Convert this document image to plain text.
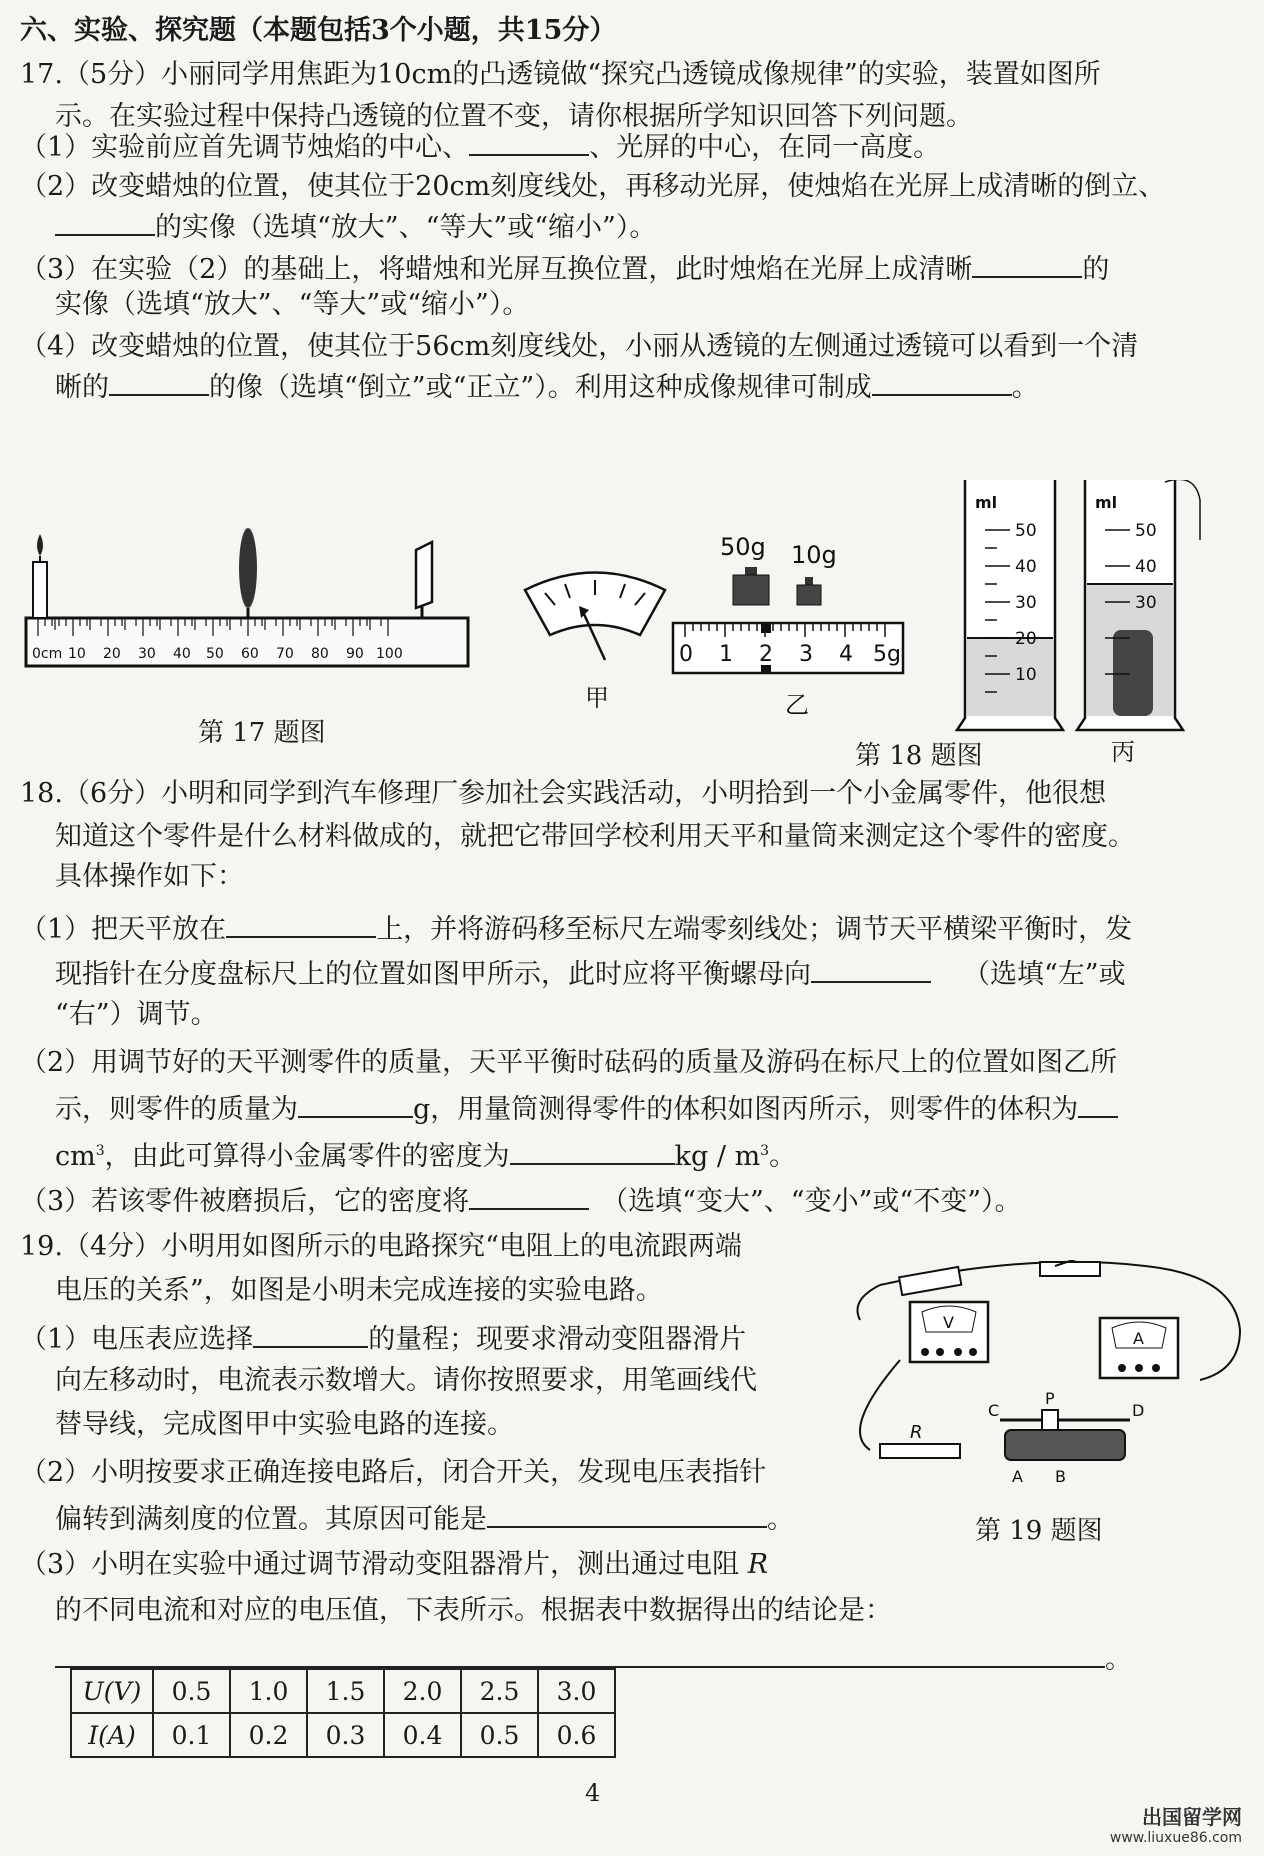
六、实验、探究题（本题包括3个小题，共15分）
17.（5分）小丽同学用焦距为10cm的凸透镜做“探究凸透镜成像规律”的实验，装置如图所
示。在实验过程中保持凸透镜的位置不变，请你根据所学知识回答下列问题。
（1）实验前应首先调节烛焰的中心、	、光屏的中心，在同一高度。
（2）改变蜡烛的位置，使其位于20cm刻度线处，再移动光屏，使烛焰在光屏上成清晰的倒立、
的实像（选填“放大”、“等大”或“缩小”）。
（3）在实验（2）的基础上，将蜡烛和光屏互换位置，此时烛焰在光屏上成清晰	的
实像（选填“放大”、“等大”或“缩小”）。
（4）改变蜡烛的位置，使其位于56cm刻度线处，小丽从透镜的左侧通过透镜可以看到一个清
晰的	的像（选填“倒立”或“正立”）。利用这种成像规律可制成	。
0cm 10 20 30 40 50 60 70 80 90 100
第 17 题图
甲
50g 10g
0 1 2 3 4 5g
乙
ml
50
40
30
20
10
ml
50
40
30
丙
第 18 题图
18.（6分）小明和同学到汽车修理厂参加社会实践活动，小明拾到一个小金属零件，他很想
知道这个零件是什么材料做成的，就把它带回学校利用天平和量筒来测定这个零件的密度。
具体操作如下：
（1）把天平放在	上，并将游码移至标尺左端零刻线处；调节天平横梁平衡时，发
现指针在分度盘标尺上的位置如图甲所示，此时应将平衡螺母向	（选填“左”或
“右”）调节。
（2）用调节好的天平测零件的质量，天平平衡时砝码的质量及游码在标尺上的位置如图乙所
示，则零件的质量为	g，用量筒测得零件的体积如图丙所示，则零件的体积为
$cm^3$，由此可算得小金属零件的密度为	kg / $m^3$。
（3）若该零件被磨损后，它的密度将	（选填“变大”、“变小”或“不变”）。
19.（4分）小明用如图所示的电路探究“电阻上的电流跟两端
电压的关系”，如图是小明未完成连接的实验电路。
（1）电压表应选择	的量程；现要求滑动变阻器滑片
向左移动时，电流表示数增大。请你按照要求，用笔画线代
替导线，完成图甲中实验电路的连接。
（2）小明按要求正确连接电路后，闭合开关，发现电压表指针
偏转到满刻度的位置。其原因可能是	。
（3）小明在实验中通过调节滑动变阻器滑片，测出通过电阻 R
的不同电流和对应的电压值，下表所示。根据表中数据得出的结论是：
。
V
A
R
C
P
D
A B
第 19 题图
U(V)	0.5	1.0	1.5	2.0	2.5	3.0
I(A)	0.1	0.2	0.3	0.4	0.5	0.6
4
出国留学网
www.liuxue86.com
